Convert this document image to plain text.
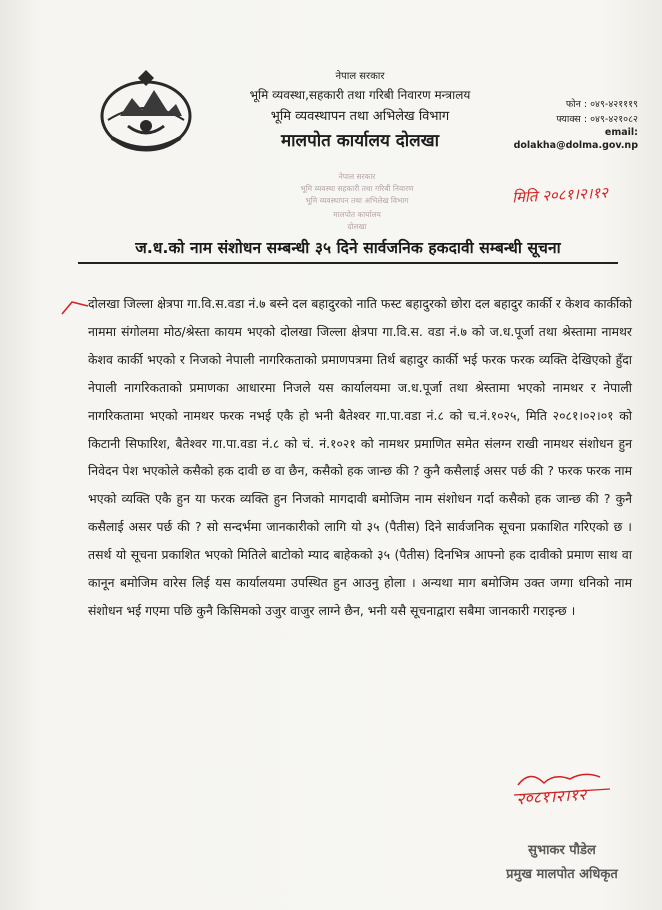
नेपाल सरकार
भूमि व्यवस्था,सहकारी तथा गरिबी निवारण मन्त्रालय
भूमि व्यवस्थापन तथा अभिलेख विभाग
मालपोत कार्यालय दोलखा
फोन : ०४९-४२१११९
फ्याक्स : ०४९-४२१०८२
email:
dolakha@dolma.gov.np
नेपाल सरकार
भूमि व्यवस्था सहकारी तथा गरिबी निवारण
भूमि व्यवस्थापन तथा अभिलेख विभाग
मालपोत कार्यालय
दोलखा
मिति २०८१।२।१२
ज.ध.को नाम संशोधन सम्बन्धी ३५ दिने सार्वजनिक हकदावी सम्बन्धी सूचना
दोलखा जिल्ला क्षेत्रपा गा.वि.स.वडा नं.७ बस्ने दल बहादुरको नाति फस्ट बहादुरको छोरा दल बहादुर कार्की र केशव कार्कीको नाममा संगोलमा मोठ/श्रेस्ता कायम भएको दोलखा जिल्ला क्षेत्रपा गा.वि.स. वडा नं.७ को ज.ध.पूर्जा तथा श्रेस्तामा नामथर केशव कार्की भएको र निजको नेपाली नागरिकताको प्रमाणपत्रमा तिर्थ बहादुर कार्की भई फरक फरक व्यक्ति देखिएको हुँदा नेपाली नागरिकताको प्रमाणका आधारमा निजले यस कार्यालयमा ज.ध.पूर्जा तथा श्रेस्तामा भएको नामथर र नेपाली नागरिकतामा भएको नामथर फरक नभई एकै हो भनी बैतेश्वर गा.पा.वडा नं.८ को च.नं.१०२५, मिति २०८१।०२।०१ को किटानी सिफारिश, बैतेश्वर गा.पा.वडा नं.८ को चं. नं.१०२१ को नामथर प्रमाणित समेत संलग्न राखी नामथर संशोधन हुन निवेदन पेश भएकोले कसैको हक दावी छ वा छैन, कसैको हक जान्छ की ? कुनै कसैलाई असर पर्छ की ? फरक फरक नाम भएको व्यक्ति एकै हुन या फरक व्यक्ति हुन निजको मागदावी बमोजिम नाम संशोधन गर्दा कसैको हक जान्छ की ? कुनै कसैलाई असर पर्छ की ? सो सन्दर्भमा जानकारीको लागि यो ३५ (पैतीस) दिने सार्वजनिक सूचना प्रकाशित गरिएको छ । तसर्थ यो सूचना प्रकाशित भएको मितिले बाटोको म्याद बाहेकको ३५ (पैतीस) दिनभित्र आफ्नो हक दावीको प्रमाण साथ वा कानून बमोजिम वारेस लिई यस कार्यालयमा उपस्थित हुन आउनु होला । अन्यथा माग बमोजिम उक्त जग्गा धनिको नाम संशोधन भई गएमा पछि कुनै किसिमको उजुर वाजुर लाग्ने छैन, भनी यसै सूचनाद्वारा सबैमा जानकारी गराइन्छ ।
२०८१।२।१२
सुभाकर पौडेल
प्रमुख मालपोत अधिकृत
